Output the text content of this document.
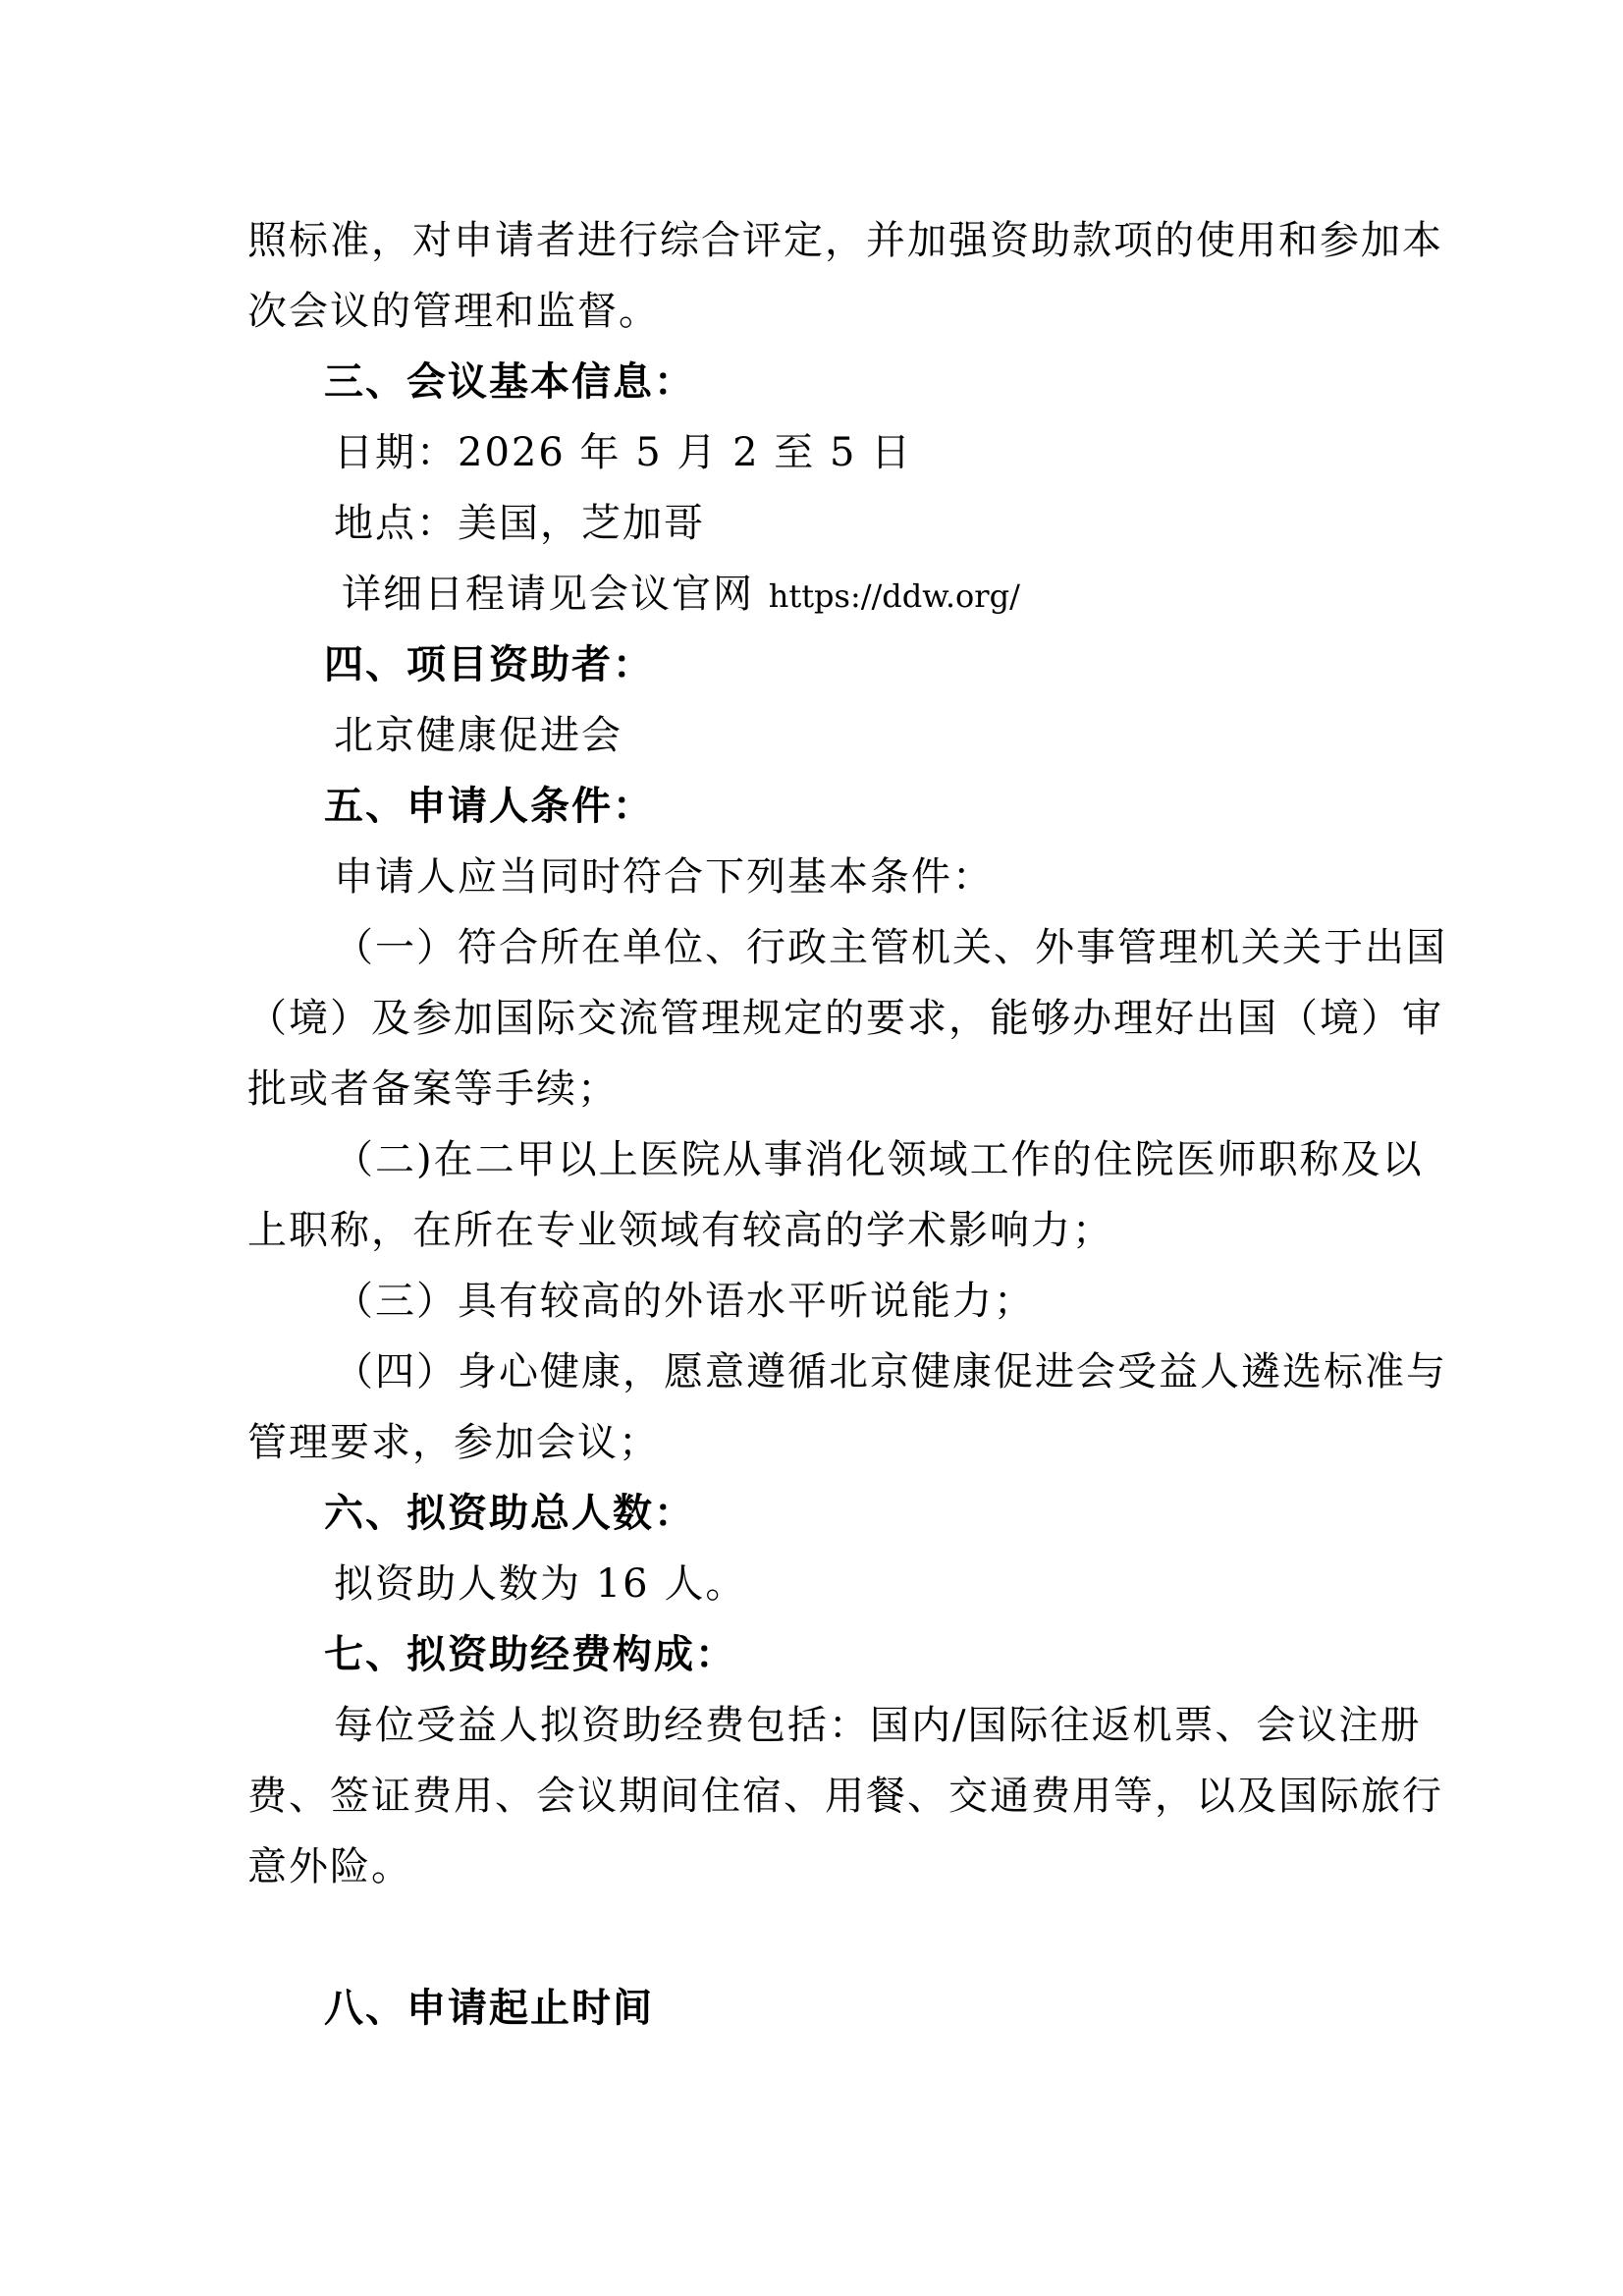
照标准，对申请者进行综合评定，并加强资助款项的使用和参加本
次会议的管理和监督。
三、会议基本信息：
日期：2026 年 5 月 2 至 5 日
地点：美国，芝加哥
详细日程请见会议官网 https://ddw.org/
四、项目资助者：
北京健康促进会
五、申请人条件：
申请人应当同时符合下列基本条件：
（一）符合所在单位、行政主管机关、外事管理机关关于出国
（境）及参加国际交流管理规定的要求，能够办理好出国（境）审
批或者备案等手续；
（二)在二甲以上医院从事消化领域工作的住院医师职称及以
上职称，在所在专业领域有较高的学术影响力；
（三）具有较高的外语水平听说能力；
（四）身心健康，愿意遵循北京健康促进会受益人遴选标准与
管理要求，参加会议；
六、拟资助总人数：
拟资助人数为 16 人。
七、拟资助经费构成：
每位受益人拟资助经费包括：国内/国际往返机票、会议注册
费、签证费用、会议期间住宿、用餐、交通费用等，以及国际旅行
意外险。
八、申请起止时间
